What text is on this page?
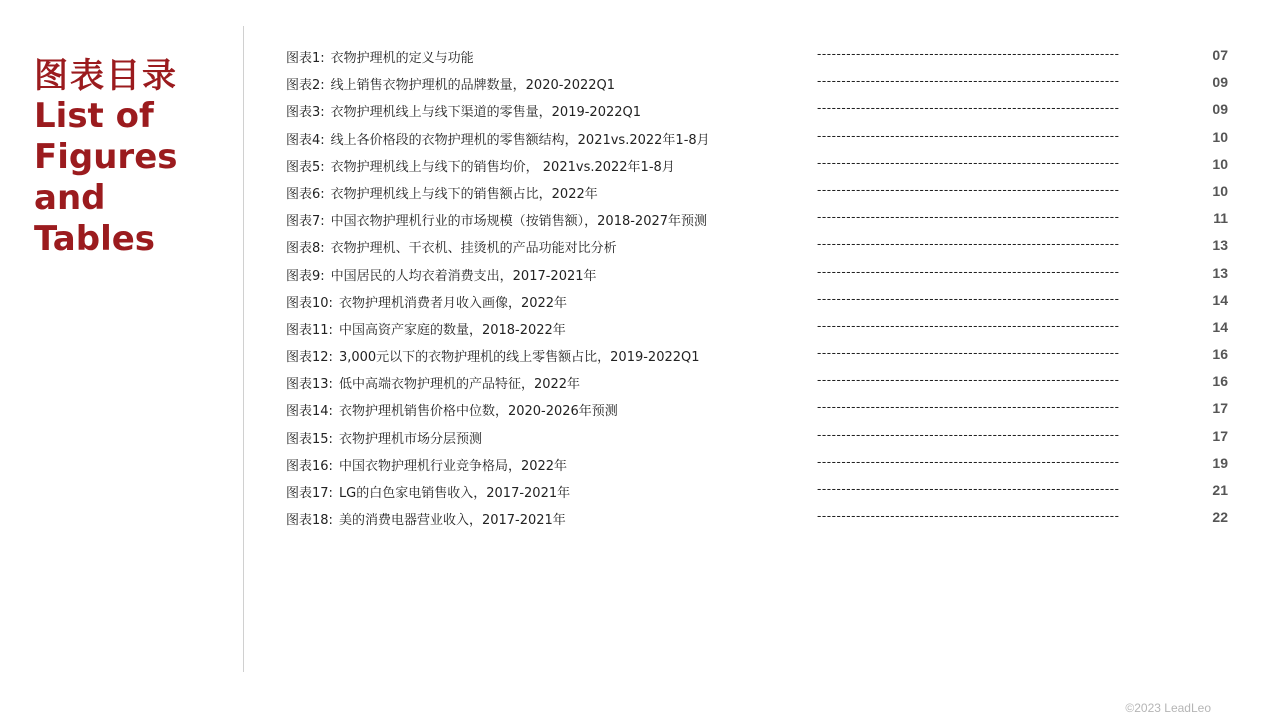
图表目录
List of
Figures
and Tables
图表1: 衣物护理机的定义与功能	--------------------------------------------------------------	07
图表2: 线上销售衣物护理机的品牌数量，2020-2022Q1	--------------------------------------------------------------	09
图表3: 衣物护理机线上与线下渠道的零售量，2019-2022Q1	--------------------------------------------------------------	09
图表4: 线上各价格段的衣物护理机的零售额结构，2021vs.2022年1-8月	--------------------------------------------------------------	10
图表5: 衣物护理机线上与线下的销售均价， 2021vs.2022年1-8月	--------------------------------------------------------------	10
图表6: 衣物护理机线上与线下的销售额占比，2022年	--------------------------------------------------------------	10
图表7: 中国衣物护理机行业的市场规模（按销售额），2018-2027年预测	--------------------------------------------------------------	11
图表8: 衣物护理机、干衣机、挂烫机的产品功能对比分析	--------------------------------------------------------------	13
图表9: 中国居民的人均衣着消费支出，2017-2021年	--------------------------------------------------------------	13
图表10: 衣物护理机消费者月收入画像，2022年	--------------------------------------------------------------	14
图表11: 中国高资产家庭的数量，2018-2022年	--------------------------------------------------------------	14
图表12: 3,000元以下的衣物护理机的线上零售额占比，2019-2022Q1	--------------------------------------------------------------	16
图表13: 低中高端衣物护理机的产品特征，2022年	--------------------------------------------------------------	16
图表14: 衣物护理机销售价格中位数，2020-2026年预测	--------------------------------------------------------------	17
图表15: 衣物护理机市场分层预测	--------------------------------------------------------------	17
图表16: 中国衣物护理机行业竞争格局，2022年	--------------------------------------------------------------	19
图表17: LG的白色家电销售收入，2017-2021年	--------------------------------------------------------------	21
图表18: 美的消费电器营业收入，2017-2021年	--------------------------------------------------------------	22
©2023 LeadLeo
